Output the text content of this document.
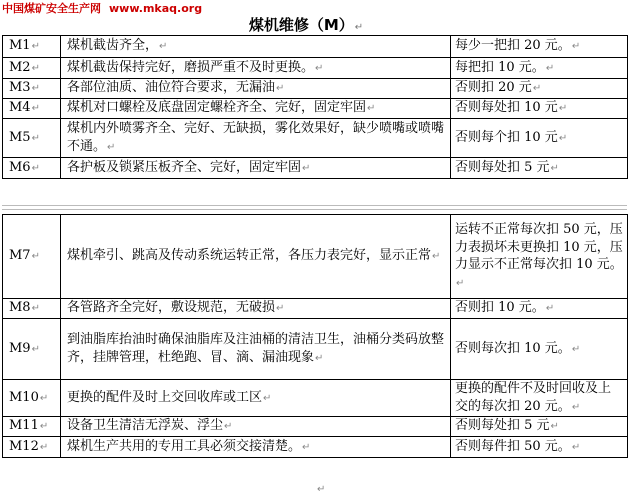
中国煤矿安全生产网 www.mkaq.org
煤机维修（M）↵
M1↵	煤机截齿齐全，↵	每少一把扣 20 元。↵
M2↵	煤机截齿保持完好，磨损严重不及时更换。↵	每把扣 10 元。↵
M3↵	各部位油质、油位符合要求，无漏油↵	否则扣 20 元↵
M4↵	煤机对口螺栓及底盘固定螺栓齐全、完好，固定牢固↵	否则每处扣 10 元↵
M5↵	煤机内外喷雾齐全、完好、无缺损，雾化效果好，缺少喷嘴或喷嘴不通。↵	否则每个扣 10 元↵
M6↵	各护板及锁紧压板齐全、完好，固定牢固↵	否则每处扣 5 元↵
M7↵	煤机牵引、跳高及传动系统运转正常，各压力表完好，显示正常↵	运转不正常每次扣 50 元，压力表损坏未更换扣 10 元，压力显示不正常每次扣 10 元。↵
M8↵	各管路齐全完好，敷设规范，无破损↵	否则扣 10 元。↵
M9↵	到油脂库抬油时确保油脂库及注油桶的清洁卫生，油桶分类码放整齐，挂牌管理，杜绝跑、冒、滴、漏油现象↵	否则每次扣 10 元。↵
M10↵	更换的配件及时上交回收库或工区↵	更换的配件不及时回收及上交的每次扣 20 元。↵
M11↵	设备卫生清洁无浮炭、浮尘↵	否则每处扣 5 元↵
M12↵	煤机生产共用的专用工具必须交接清楚。↵	否则每件扣 50 元。↵
↵
